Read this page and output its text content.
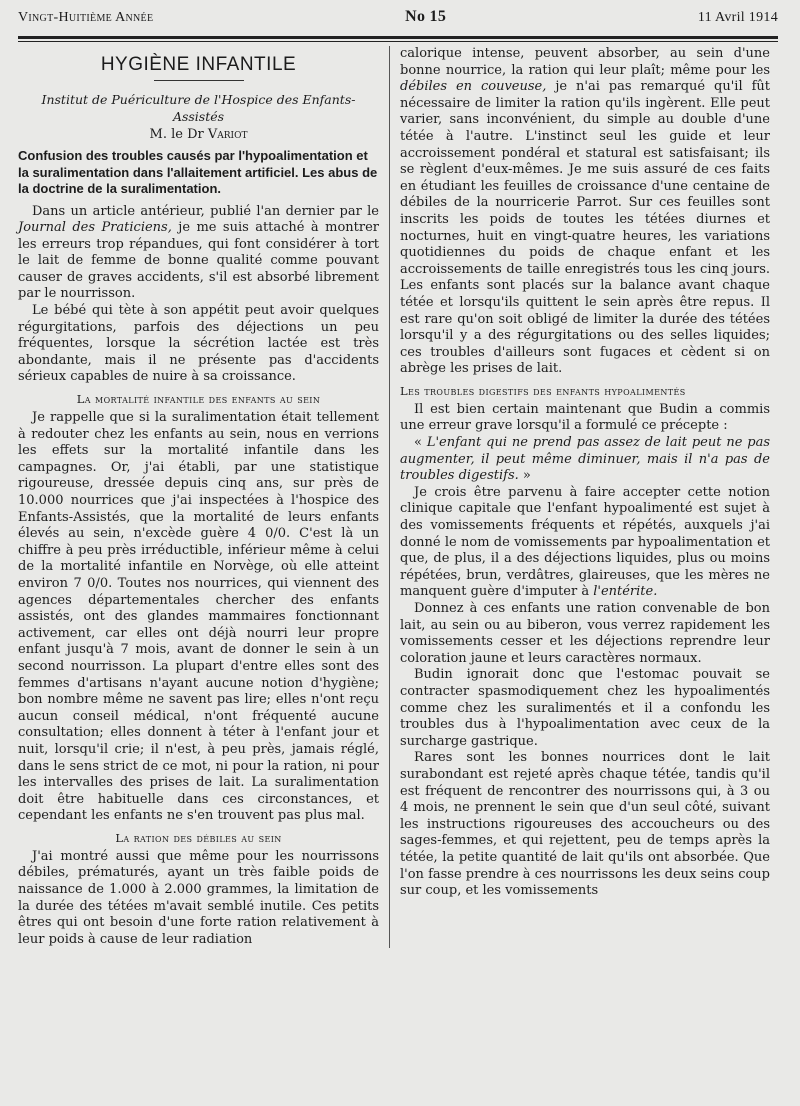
Vingt-Huitième Année	No 15	11 Avril 1914
HYGIÈNE INFANTILE
Institut de Puériculture de l'Hospice des Enfants-Assistés
M. le Dr Variot
Confusion des troubles causés par l'hypoalimentation et la suralimentation dans l'allaitement artificiel. Les abus de la doctrine de la suralimentation.

Dans un article antérieur, publié l'an dernier par le Journal des Praticiens, je me suis attaché à montrer les erreurs trop répandues, qui font considérer à tort le lait de femme de bonne qualité comme pouvant causer de graves accidents, s'il est absorbé librement par le nourrisson.

Le bébé qui tète à son appétit peut avoir quelques régurgitations, parfois des déjections un peu fréquentes, lorsque la sécrétion lactée est très abondante, mais il ne présente pas d'accidents sérieux capables de nuire à sa croissance.

La mortalité infantile des enfants au sein

Je rappelle que si la suralimentation était tellement à redouter chez les enfants au sein, nous en verrions les effets sur la mortalité infantile dans les campagnes. Or, j'ai établi, par une statistique rigoureuse, dressée depuis cinq ans, sur près de 10.000 nourrices que j'ai inspectées à l'hospice des Enfants-Assistés, que la mortalité de leurs enfants élevés au sein, n'excède guère 4 0/0. C'est là un chiffre à peu près irréductible, inférieur même à celui de la mortalité infantile en Norvège, où elle atteint environ 7 0/0. Toutes nos nourrices, qui viennent des agences départementales chercher des enfants assistés, ont des glandes mammaires fonctionnant activement, car elles ont déjà nourri leur propre enfant jusqu'à 7 mois, avant de donner le sein à un second nourrisson. La plupart d'entre elles sont des femmes d'artisans n'ayant aucune notion d'hygiène; bon nombre même ne savent pas lire; elles n'ont reçu aucun conseil médical, n'ont fréquenté aucune consultation; elles donnent à téter à l'enfant jour et nuit, lorsqu'il crie; il n'est, à peu près, jamais réglé, dans le sens strict de ce mot, ni pour la ration, ni pour les intervalles des prises de lait. La suralimentation doit être habituelle dans ces circonstances, et cependant les enfants ne s'en trouvent pas plus mal.

La ration des débiles au sein

J'ai montré aussi que même pour les nourrissons débiles, prématurés, ayant un très faible poids de naissance de 1.000 à 2.000 grammes, la limitation de la durée des tétées m'avait semblé inutile. Ces petits êtres qui ont besoin d'une forte ration relativement à leur poids à cause de leur radiation

calorique intense, peuvent absorber, au sein d'une bonne nourrice, la ration qui leur plaît; même pour les débiles en couveuse, je n'ai pas remarqué qu'il fût nécessaire de limiter la ration qu'ils ingèrent. Elle peut varier, sans inconvénient, du simple au double d'une tétée à l'autre. L'instinct seul les guide et leur accroissement pondéral et statural est satisfaisant; ils se règlent d'eux-mêmes. Je me suis assuré de ces faits en étudiant les feuilles de croissance d'une centaine de débiles de la nourricerie Parrot. Sur ces feuilles sont inscrits les poids de toutes les tétées diurnes et nocturnes, huit en vingt-quatre heures, les variations quotidiennes du poids de chaque enfant et les accroissements de taille enregistrés tous les cinq jours. Les enfants sont placés sur la balance avant chaque tétée et lorsqu'ils quittent le sein après être repus. Il est rare qu'on soit obligé de limiter la durée des tétées lorsqu'il y a des régurgitations ou des selles liquides; ces troubles d'ailleurs sont fugaces et cèdent si on abrège les prises de lait.

Les troubles digestifs des enfants hypoalimentés

Il est bien certain maintenant que Budin a commis une erreur grave lorsqu'il a formulé ce précepte :

« L'enfant qui ne prend pas assez de lait peut ne pas augmenter, il peut même diminuer, mais il n'a pas de troubles digestifs. »

Je crois être parvenu à faire accepter cette notion clinique capitale que l'enfant hypoalimenté est sujet à des vomissements fréquents et répétés, auxquels j'ai donné le nom de vomissements par hypoalimentation et que, de plus, il a des déjections liquides, plus ou moins répétées, brun, verdâtres, glaireuses, que les mères ne manquent guère d'imputer à l'entérite.

Donnez à ces enfants une ration convenable de bon lait, au sein ou au biberon, vous verrez rapidement les vomissements cesser et les déjections reprendre leur coloration jaune et leurs caractères normaux.

Budin ignorait donc que l'estomac pouvait se contracter spasmodiquement chez les hypoalimentés comme chez les suralimentés et il a confondu les troubles dus à l'hypoalimentation avec ceux de la surcharge gastrique.

Rares sont les bonnes nourrices dont le lait surabondant est rejeté après chaque tétée, tandis qu'il est fréquent de rencontrer des nourrissons qui, à 3 ou 4 mois, ne prennent le sein que d'un seul côté, suivant les instructions rigoureuses des accoucheurs ou des sages-femmes, et qui rejettent, peu de temps après la tétée, la petite quantité de lait qu'ils ont absorbée. Que l'on fasse prendre à ces nourrissons les deux seins coup sur coup, et les vomissements
